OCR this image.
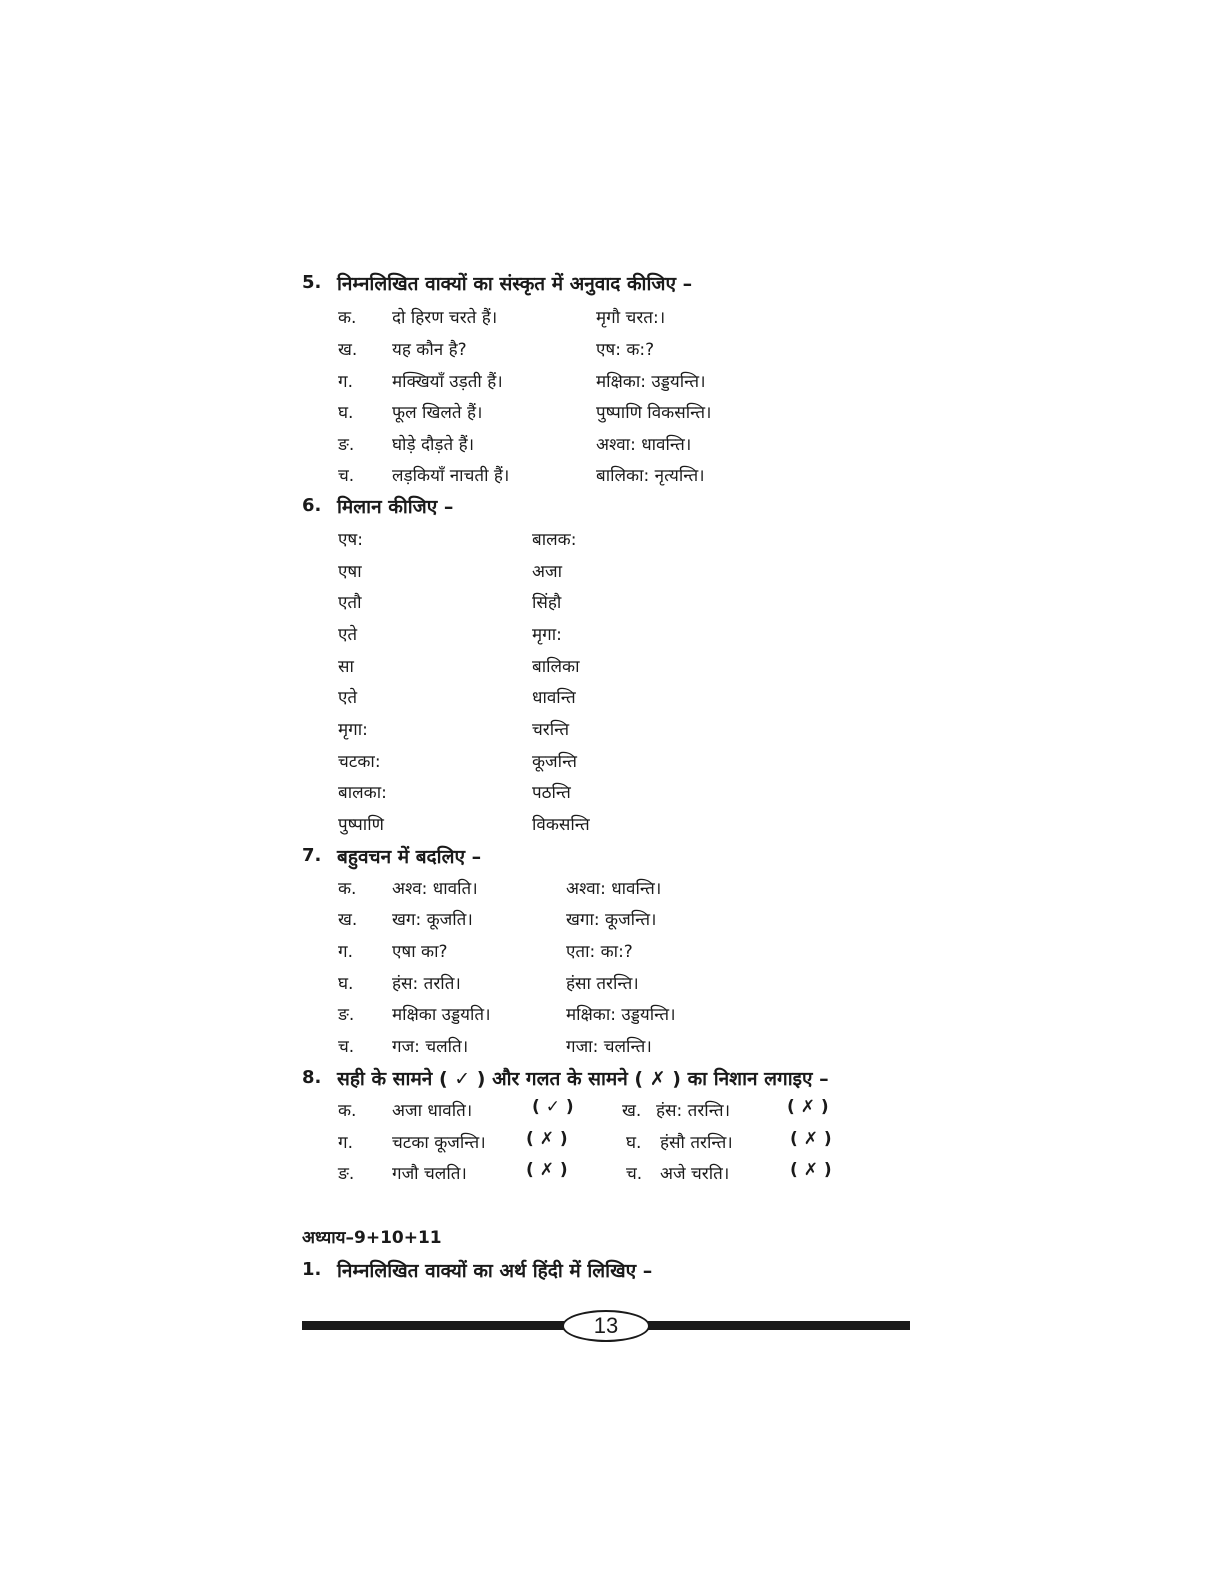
5. निम्नलिखित वाक्यों का संस्कृत में अनुवाद कीजिए –
क. दो हिरण चरते हैं।	मृगौ चरत:।
ख. यह कौन है?	एष: क:?
ग. मक्खियाँ उड़ती हैं।	मक्षिका: उड्डयन्ति।
घ. फूल खिलते हैं।	पुष्पाणि विकसन्ति।
ङ. घोड़े दौड़ते हैं।	अश्वा: धावन्ति।
च. लड़कियाँ नाचती हैं।	बालिका: नृत्यन्ति।
6. मिलान कीजिए –
एष:	बालक:
एषा	अजा
एतौ	सिंहौ
एते	मृगा:
सा	बालिका
एते	धावन्ति
मृगा:	चरन्ति
चटका:	कूजन्ति
बालका:	पठन्ति
पुष्पाणि	विकसन्ति
7. बहुवचन में बदलिए –
क. अश्व: धावति।	अश्वा: धावन्ति।
ख. खग: कूजति।	खगा: कूजन्ति।
ग. एषा का?	एता: का:?
घ. हंस: तरति।	हंसा तरन्ति।
ङ. मक्षिका उड्डयति।	मक्षिका: उड्डयन्ति।
च. गज: चलति।	गजा: चलन्ति।
8. सही के सामने ( ✓ ) और गलत के सामने ( ✗ ) का निशान लगाइए –
क. अजा धावति।	( ✓ )	ख. हंस: तरन्ति।	( ✗ )
ग. चटका कूजन्ति। ( ✗ )	घ. हंसौ तरन्ति।	( ✗ )
ङ. गजौ चलति।	( ✗ )	च. अजे चरति।	( ✗ )
अध्याय–9+10+11
1. निम्नलिखित वाक्यों का अर्थ हिंदी में लिखिए –
13
